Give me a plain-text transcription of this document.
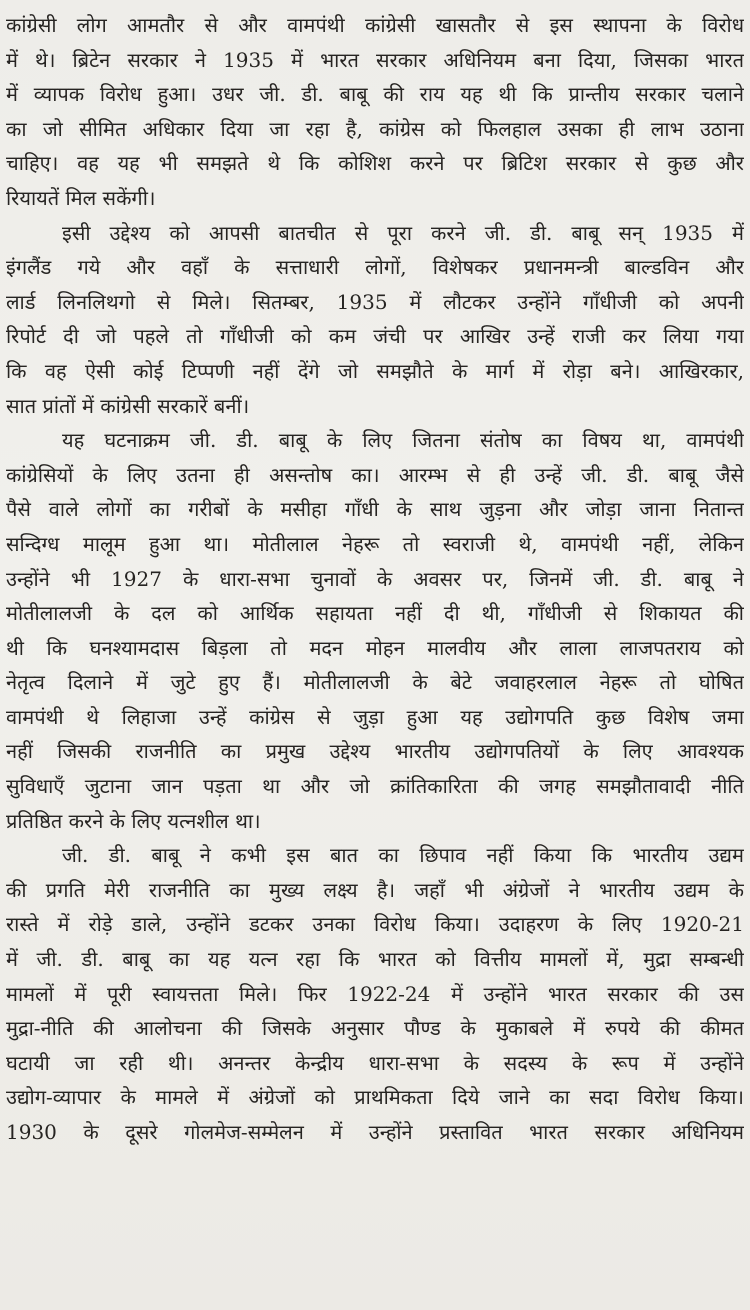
कांग्रेसी लोग आमतौर से और वामपंथी कांग्रेसी खासतौर से इस स्थापना के विरोध
में थे। ब्रिटेन सरकार ने 1935 में भारत सरकार अधिनियम बना दिया, जिसका भारत
में व्यापक विरोध हुआ। उधर जी. डी. बाबू की राय यह थी कि प्रान्तीय सरकार चलाने
का जो सीमित अधिकार दिया जा रहा है, कांग्रेस को फिलहाल उसका ही लाभ उठाना
चाहिए। वह यह भी समझते थे कि कोशिश करने पर ब्रिटिश सरकार से कुछ और
रियायतें मिल सकेंगी।
इसी उद्देश्य को आपसी बातचीत से पूरा करने जी. डी. बाबू सन् 1935 में
इंगलैंड गये और वहाँ के सत्ताधारी लोगों, विशेषकर प्रधानमन्त्री बाल्डविन और
लार्ड लिनलिथगो से मिले। सितम्बर, 1935 में लौटकर उन्होंने गाँधीजी को अपनी
रिपोर्ट दी जो पहले तो गाँधीजी को कम जंची पर आखिर उन्हें राजी कर लिया गया
कि वह ऐसी कोई टिप्पणी नहीं देंगे जो समझौते के मार्ग में रोड़ा बने। आखिरकार,
सात प्रांतों में कांग्रेसी सरकारें बनीं।
यह घटनाक्रम जी. डी. बाबू के लिए जितना संतोष का विषय था, वामपंथी
कांग्रेसियों के लिए उतना ही असन्तोष का। आरम्भ से ही उन्हें जी. डी. बाबू जैसे
पैसे वाले लोगों का गरीबों के मसीहा गाँधी के साथ जुड़ना और जोड़ा जाना नितान्त
सन्दिग्ध मालूम हुआ था। मोतीलाल नेहरू तो स्वराजी थे, वामपंथी नहीं, लेकिन
उन्होंने भी 1927 के धारा-सभा चुनावों के अवसर पर, जिनमें जी. डी. बाबू ने
मोतीलालजी के दल को आर्थिक सहायता नहीं दी थी, गाँधीजी से शिकायत की
थी कि घनश्यामदास बिड़ला तो मदन मोहन मालवीय और लाला लाजपतराय को
नेतृत्व दिलाने में जुटे हुए हैं। मोतीलालजी के बेटे जवाहरलाल नेहरू तो घोषित
वामपंथी थे लिहाजा उन्हें कांग्रेस से जुड़ा हुआ यह उद्योगपति कुछ विशेष जमा
नहीं जिसकी राजनीति का प्रमुख उद्देश्य भारतीय उद्योगपतियों के लिए आवश्यक
सुविधाएँ जुटाना जान पड़ता था और जो क्रांतिकारिता की जगह समझौतावादी नीति
प्रतिष्ठित करने के लिए यत्नशील था।
जी. डी. बाबू ने कभी इस बात का छिपाव नहीं किया कि भारतीय उद्यम
की प्रगति मेरी राजनीति का मुख्य लक्ष्य है। जहाँ भी अंग्रेजों ने भारतीय उद्यम के
रास्ते में रोड़े डाले, उन्होंने डटकर उनका विरोध किया। उदाहरण के लिए 1920-21
में जी. डी. बाबू का यह यत्न रहा कि भारत को वित्तीय मामलों में, मुद्रा सम्बन्धी
मामलों में पूरी स्वायत्तता मिले। फिर 1922-24 में उन्होंने भारत सरकार की उस
मुद्रा-नीति की आलोचना की जिसके अनुसार पौण्ड के मुकाबले में रुपये की कीमत
घटायी जा रही थी। अनन्तर केन्द्रीय धारा-सभा के सदस्य के रूप में उन्होंने
उद्योग-व्यापार के मामले में अंग्रेजों को प्राथमिकता दिये जाने का सदा विरोध किया।
1930 के दूसरे गोलमेज-सम्मेलन में उन्होंने प्रस्तावित भारत सरकार अधिनियम
